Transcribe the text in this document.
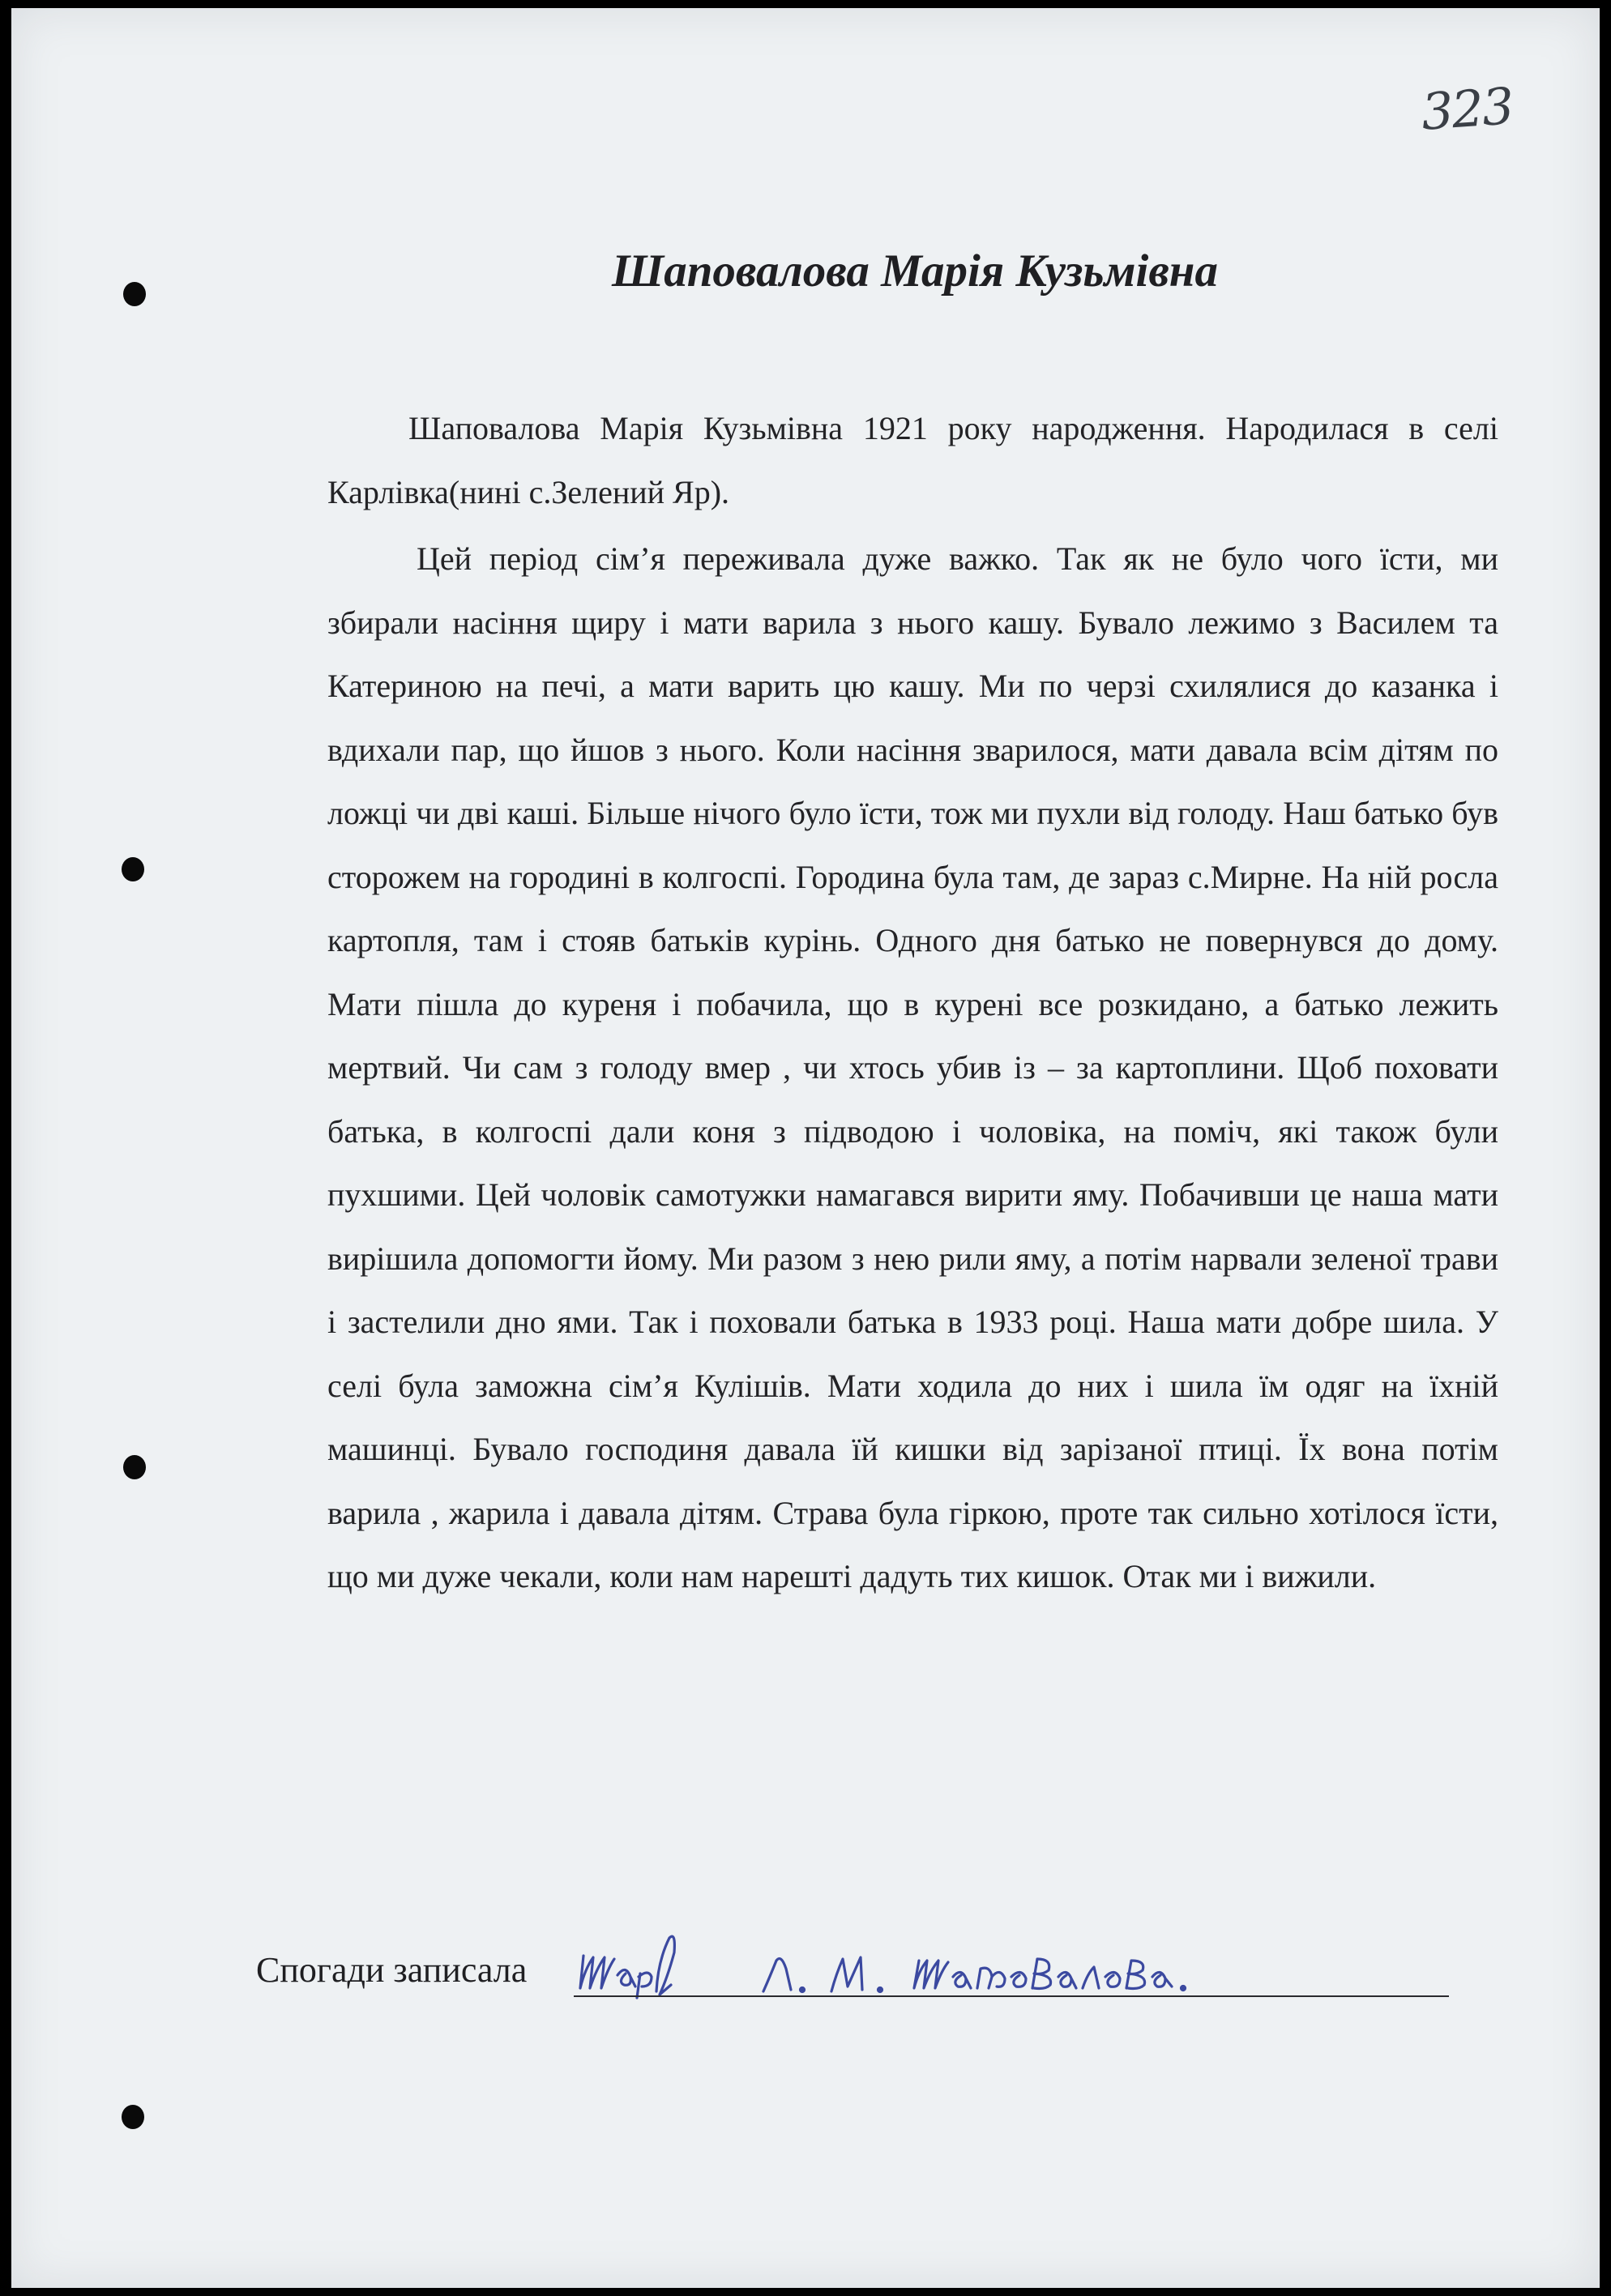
323
Шаповалова Марія Кузьмівна

Шаповалова Марія Кузьмівна 1921 року народження. Народилася в селі Карлівка(нині с.Зелений Яр).

Цей період сім’я переживала дуже важко. Так як не було чого їсти, ми збирали насіння щиру і мати варила з нього кашу. Бувало лежимо з Василем та Катериною на печі, а мати варить цю кашу. Ми по черзі схилялися до казанка і вдихали пар, що йшов з нього. Коли насіння зварилося, мати давала всім дітям по ложці чи дві каші. Більше нічого було їсти, тож ми пухли від голоду. Наш батько був сторожем на городині в колгоспі. Городина була там, де зараз с.Мирне. На ній росла картопля, там і стояв батьків курінь. Одного дня батько не повернувся до дому. Мати пішла до куреня і побачила, що в курені все розкидано, а батько лежить мертвий. Чи сам з голоду вмер , чи хтось убив із – за картоплини. Щоб поховати батька, в колгоспі дали коня з підводою і чоловіка, на поміч, які також були пухшими. Цей чоловік самотужки намагався вирити яму. Побачивши це наша мати вирішила допомогти йому. Ми разом з нею рили яму, а потім нарвали зеленої трави і застелили дно ями. Так і поховали батька в 1933 році. Наша мати добре шила. У селі була заможна сім’я Кулішів. Мати ходила до них і шила їм одяг на їхній машинці. Бувало господиня давала їй кишки від зарізаної птиці. Їх вона потім варила , жарила і давала дітям. Страва була гіркою, проте так сильно хотілося їсти, що ми дуже чекали, коли нам нарешті дадуть тих кишок. Отак ми і вижили.

Спогади записала
